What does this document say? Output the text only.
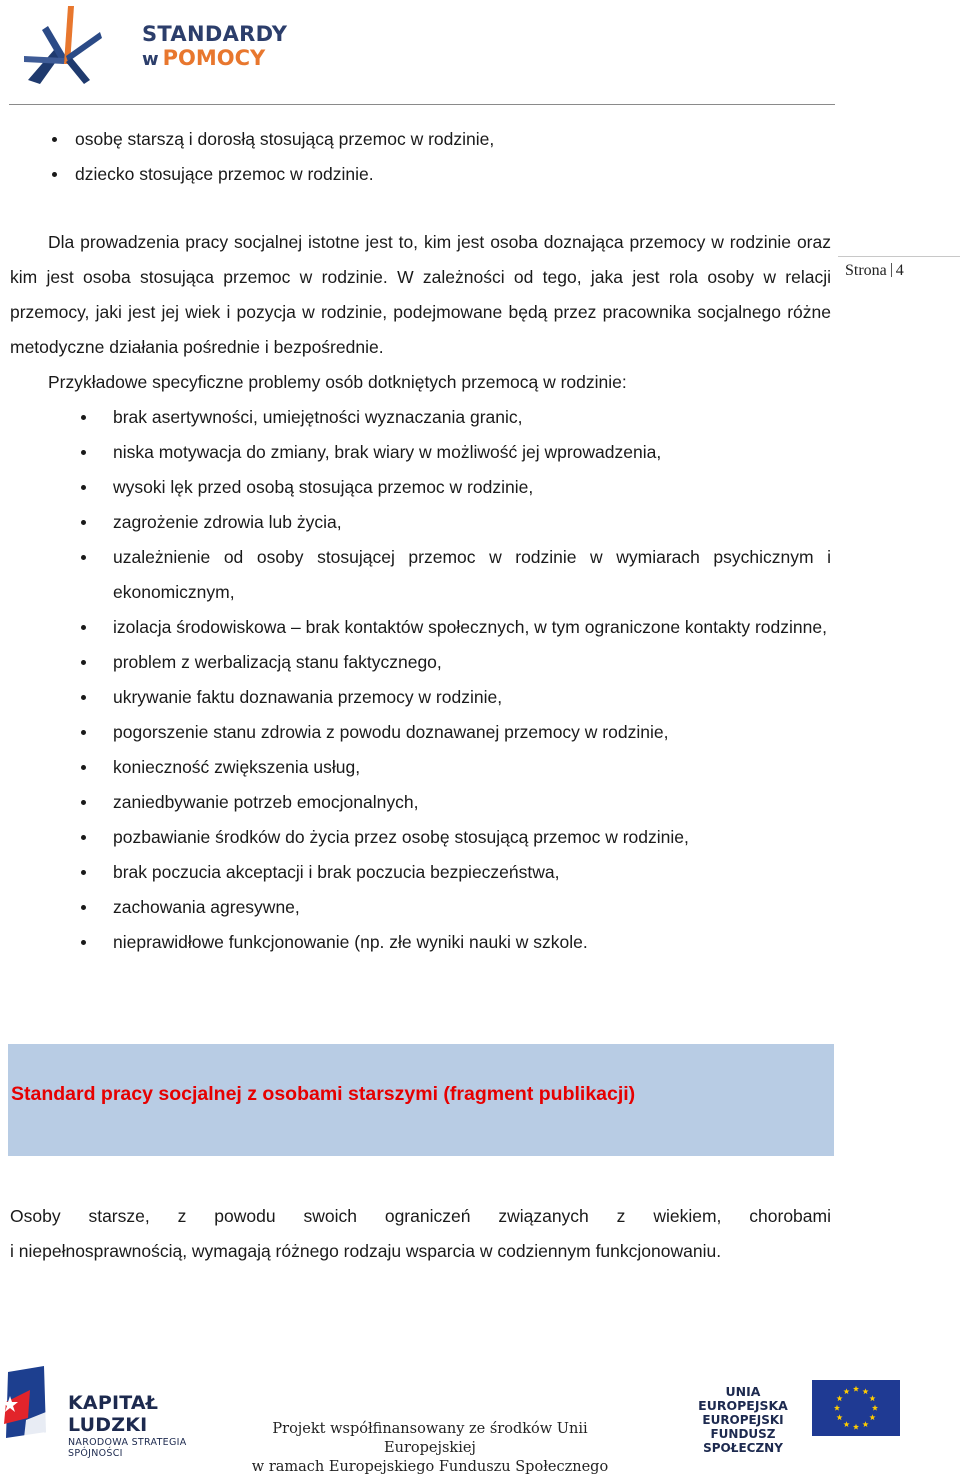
STANDARDY
w POMOCY
Strona 4
osobę starszą i dorosłą stosującą przemoc w rodzinie,
dziecko stosujące przemoc w rodzinie.

Dla prowadzenia pracy socjalnej istotne jest to, kim jest osoba doznająca przemocy w rodzinie oraz kim jest osoba stosująca przemoc w rodzinie. W zależności od tego, jaka jest rola osoby w relacji przemocy, jaki jest jej wiek i pozycja w rodzinie, podejmowane będą przez pracownika socjalnego różne metodyczne działania pośrednie i bezpośrednie.

Przykładowe specyficzne problemy osób dotkniętych przemocą w rodzinie:

brak asertywności, umiejętności wyznaczania granic,
niska motywacja do zmiany, brak wiary w możliwość jej wprowadzenia,
wysoki lęk przed osobą stosująca przemoc w rodzinie,
zagrożenie zdrowia lub życia,
uzależnienie od osoby stosującej przemoc w rodzinie w wymiarach psychicznym i ekonomicznym,
izolacja środowiskowa – brak kontaktów społecznych, w tym ograniczone kontakty rodzinne,
problem z werbalizacją stanu faktycznego,
ukrywanie faktu doznawania przemocy w rodzinie,
pogorszenie stanu zdrowia z powodu doznawanej przemocy w rodzinie,
konieczność zwiększenia usług,
zaniedbywanie potrzeb emocjonalnych,
pozbawianie środków do życia przez osobę stosującą przemoc w rodzinie,
brak poczucia akceptacji i brak poczucia bezpieczeństwa,
zachowania agresywne,
nieprawidłowe funkcjonowanie (np. złe wyniki nauki w szkole.
Standard pracy socjalnej z osobami starszymi (fragment publikacji)
Osoby starsze, z powodu swoich ograniczeń związanych z wiekiem, chorobami
i niepełnosprawnością, wymagają różnego rodzaju wsparcia w codziennym funkcjonowaniu.
KAPITAŁ LUDZKI
NARODOWA STRATEGIA SPÓJNOŚCI
Projekt współfinansowany ze środków Unii Europejskiej
w ramach Europejskiego Funduszu Społecznego
UNIA EUROPEJSKA
EUROPEJSKI
FUNDUSZ SPOŁECZNY
